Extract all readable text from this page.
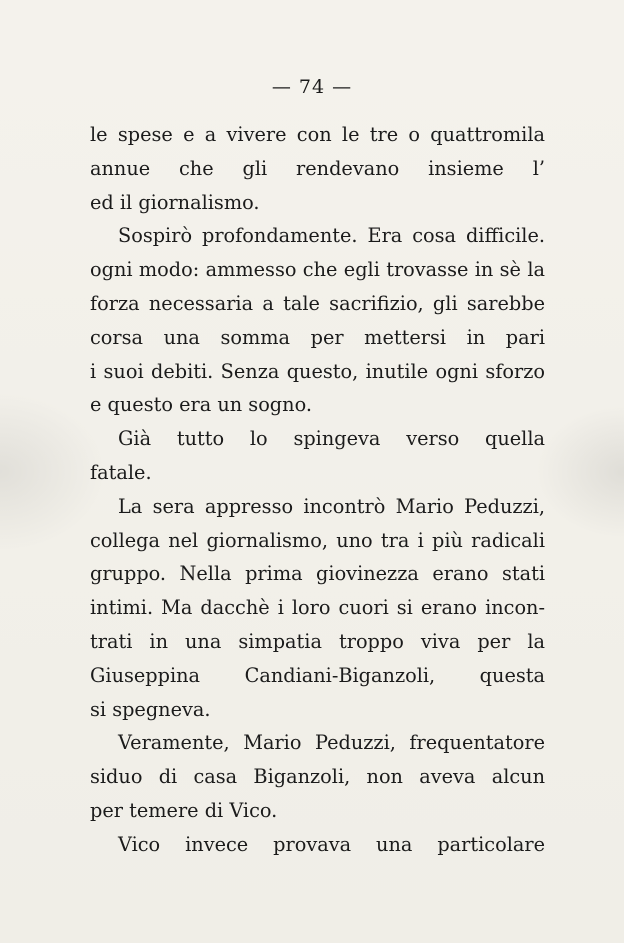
— 74 —
le spese e a vivere con le tre o quattromila
annue che gli rendevano insieme l’
ed il giornalismo.
Sospirò profondamente. Era cosa difficile.
ogni modo: ammesso che egli trovasse in sè la
forza necessaria a tale sacrifizio, gli sarebbe
corsa una somma per mettersi in pari
i suoi debiti. Senza questo, inutile ogni sforzo
e questo era un sogno.
Già tutto lo spingeva verso quella
fatale.
La sera appresso incontrò Mario Peduzzi,
collega nel giornalismo, uno tra i più radicali
gruppo. Nella prima giovinezza erano stati
intimi. Ma dacchè i loro cuori si erano incon-
trati in una simpatia troppo viva per la
Giuseppina Candiani-Biganzoli, questa
si spegneva.
Veramente, Mario Peduzzi, frequentatore
siduo di casa Biganzoli, non aveva alcun
per temere di Vico.
Vico invece provava una particolare
